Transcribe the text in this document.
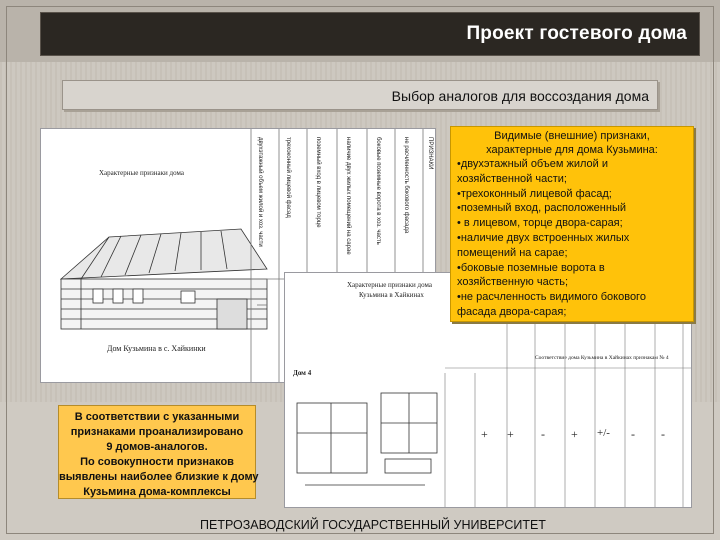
Проект гостевого дома
Выбор аналогов для воссоздания дома
Характерные признаки дома	двухэтажный объем жилой и хоз. части	трехоконный лицевой фасад	поземный вход в лицевом торце	наличие двух жилых помещений на сарае	боковые поземные ворота в хоз. часть	не расчленность бокового фасада	ПРИЗНАКИ
Дом Кузьмина в с. Хайкинки
Характерные признаки дома
Кузьмина в Хайкинах
Дом 4
Соответствие дома Кузьмина в Хайкинах признакам № 4
+ + - + +/- - -
Видимые (внешние) признаки,
характерные для дома Кузьмина:
•двухэтажный объем жилой и
хозяйственной части;
•трехоконный лицевой фасад;
•поземный вход, расположенный
• в лицевом, торце двора-сарая;
•наличие двух встроенных жилых
помещений на сарае;
•боковые поземные ворота в
хозяйственную часть;
•не расчленность видимого бокового
фасада двора-сарая;
В соответствии с указанными
признаками проанализировано
9 домов-аналогов.
По совокупности признаков
выявлены наиболее близкие к дому
Кузьмина дома-комплексы
ПЕТРОЗАВОДСКИЙ ГОСУДАРСТВЕННЫЙ УНИВЕРСИТЕТ
